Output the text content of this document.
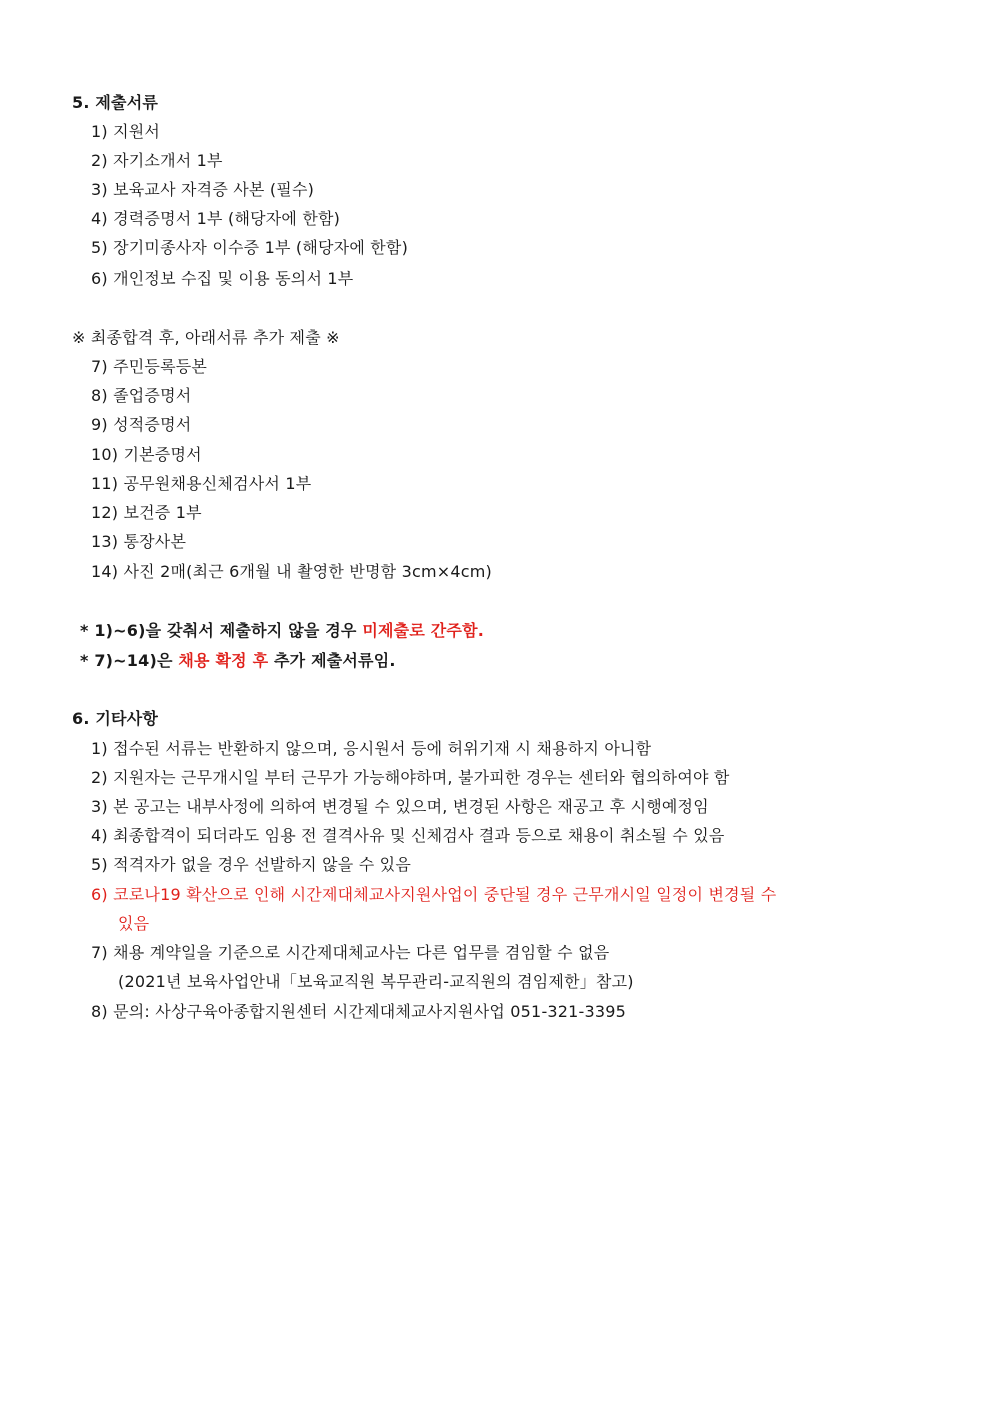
5. 제출서류
1) 지원서
2) 자기소개서 1부
3) 보육교사 자격증 사본 (필수)
4) 경력증명서 1부 (해당자에 한함)
5) 장기미종사자 이수증 1부 (해당자에 한함)
6) 개인정보 수집 및 이용 동의서 1부
※ 최종합격 후, 아래서류 추가 제출 ※
7) 주민등록등본
8) 졸업증명서
9) 성적증명서
10) 기본증명서
11) 공무원채용신체검사서 1부
12) 보건증 1부
13) 통장사본
14) 사진 2매(최근 6개월 내 촬영한 반명함 3cm×4cm)
* 1)~6)을 갖춰서 제출하지 않을 경우 미제출로 간주함.
* 7)~14)은 채용 확정 후 추가 제출서류임.
6. 기타사항
1) 접수된 서류는 반환하지 않으며, 응시원서 등에 허위기재 시 채용하지 아니함
2) 지원자는 근무개시일 부터 근무가 가능해야하며, 불가피한 경우는 센터와 협의하여야 함
3) 본 공고는 내부사정에 의하여 변경될 수 있으며, 변경된 사항은 재공고 후 시행예정임
4) 최종합격이 되더라도 임용 전 결격사유 및 신체검사 결과 등으로 채용이 취소될 수 있음
5) 적격자가 없을 경우 선발하지 않을 수 있음
6) 코로나19 확산으로 인해 시간제대체교사지원사업이 중단될 경우 근무개시일 일정이 변경될 수
있음
7) 채용 계약일을 기준으로 시간제대체교사는 다른 업무를 겸임할 수 없음
(2021년 보육사업안내「보육교직원 복무관리-교직원의 겸임제한」참고)
8) 문의: 사상구육아종합지원센터 시간제대체교사지원사업 051-321-3395
